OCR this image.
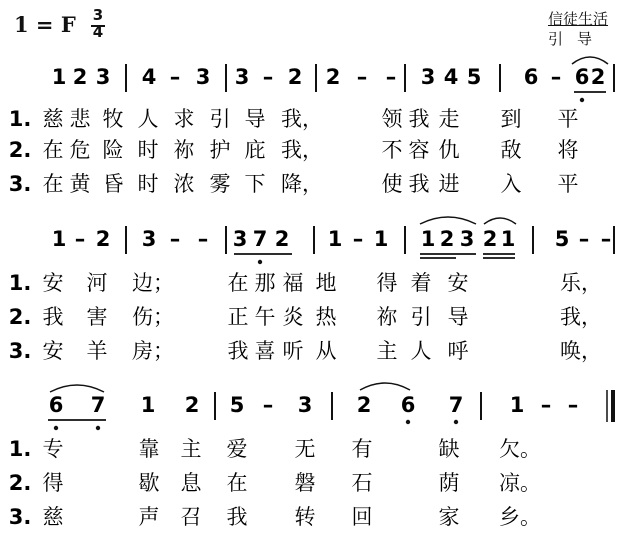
1 = F 3
4
信徒生活
引导
1 2 3 4 – 3 3 – 2 2 – – 3 4 5 6 – 6 2
1 – 2 3 – – 3 7 2 1 – 1 1 2 3 2 1 5 – –
6 7 1 2 5 – 3 2 6 7 1 – –
1. 慈 悲 牧 人 求 引 导 我，	领 我 走 到 平
2. 在 危 险 时 祢 护 庇 我，	不 容 仇 敌 将
3. 在 黄 昏 时 浓 雾 下 降，	使 我 进 入 平
1. 安 河 边；	在 那 福 地 得 着 安	乐，
2. 我 害 伤；	正 午 炎 热 祢 引 导	我，
3. 安 羊 房；	我 喜 听 从 主 人 呼	唤，
1. 专	靠 主 爱 无 有	缺 欠。
2. 得	歇 息 在 磐 石	荫 凉。
3. 慈	声 召 我 转 回	家 乡。
